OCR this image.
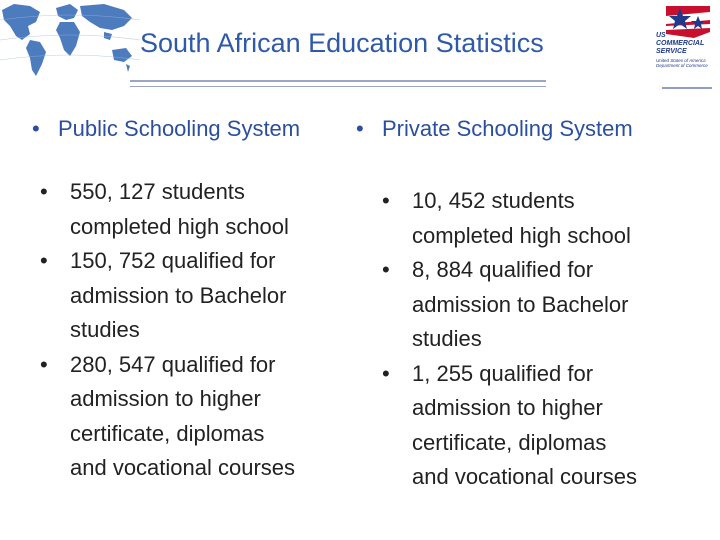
South African Education Statistics	US
COMMERCIAL
SERVICE
United States of America
Department of Commerce
• Public Schooling System
• 550, 127 students
completed high school
• 150, 752 qualified for
admission to Bachelor
studies
• 280, 547 qualified for
admission to higher
certificate, diplomas
and vocational courses
• Private Schooling System
• 10, 452 students
completed high school
• 8, 884 qualified for
admission to Bachelor
studies
• 1, 255 qualified for
admission to higher
certificate, diplomas
and vocational courses
